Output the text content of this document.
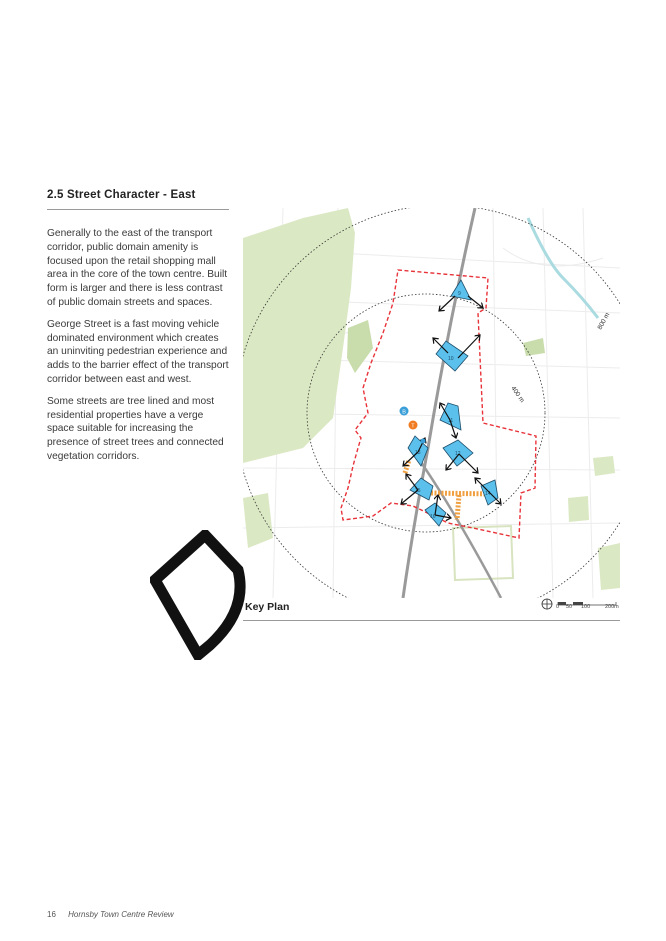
2.5 Street Character - East

Generally to the east of the transport corridor, public domain amenity is focused upon the retail shopping mall area in the core of the town centre. Built form is larger and there is less contrast of public domain streets and spaces.

George Street is a fast moving vehicle dominated environment which creates an uninviting pedestrian experience and adds to the barrier effect of the transport corridor between east and west.

Some streets are tree lined and most residential properties have a verge space suitable for increasing the presence of street trees and connected vegetation corridors.

800 m
400 m
9
10
11
12
13
14
15
16
B
T
Key Plan	0 50 100	200m
16 Hornsby Town Centre Review
